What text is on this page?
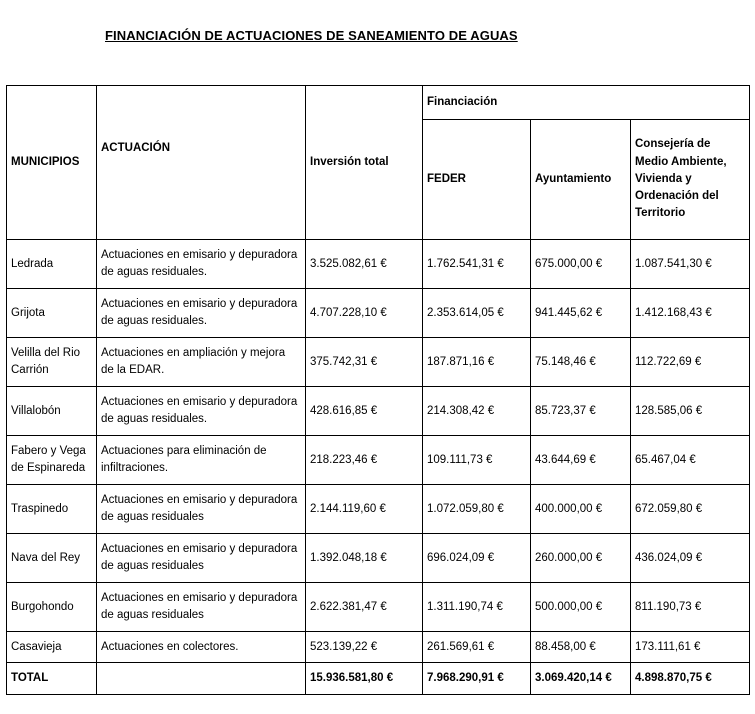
FINANCIACIÓN DE ACTUACIONES DE SANEAMIENTO DE AGUAS
MUNICIPIOS	ACTUACIÓN	Inversión total	Financiación		
			FEDER	Ayuntamiento	Consejería de Medio Ambiente, Vivienda y Ordenación del Territorio
Ledrada	Actuaciones en emisario y depuradora de aguas residuales.	3.525.082,61 €	1.762.541,31 €	675.000,00 €	1.087.541,30 €
Grijota	Actuaciones en emisario y depuradora de aguas residuales.	4.707.228,10 €	2.353.614,05 €	941.445,62 €	1.412.168,43 €
Velilla del Rio Carrión	Actuaciones en ampliación y mejora de la EDAR.	375.742,31 €	187.871,16 €	75.148,46 €	112.722,69 €
Villalobón	Actuaciones en emisario y depuradora de aguas residuales.	428.616,85 €	214.308,42 €	85.723,37 €	128.585,06 €
Fabero y Vega de Espinareda	Actuaciones para eliminación de infiltraciones.	218.223,46 €	109.111,73 €	43.644,69 €	65.467,04 €
Traspinedo	Actuaciones en emisario y depuradora de aguas residuales	2.144.119,60 €	1.072.059,80 €	400.000,00 €	672.059,80 €
Nava del Rey	Actuaciones en emisario y depuradora de aguas residuales	1.392.048,18 €	696.024,09 €	260.000,00 €	436.024,09 €
Burgohondo	Actuaciones en emisario y depuradora de aguas residuales	2.622.381,47 €	1.311.190,74 €	500.000,00 €	811.190,73 €
Casavieja	Actuaciones en colectores.	523.139,22 €	261.569,61 €	88.458,00 €	173.111,61 €
TOTAL		15.936.581,80 €	7.968.290,91 €	3.069.420,14 €	4.898.870,75 €
